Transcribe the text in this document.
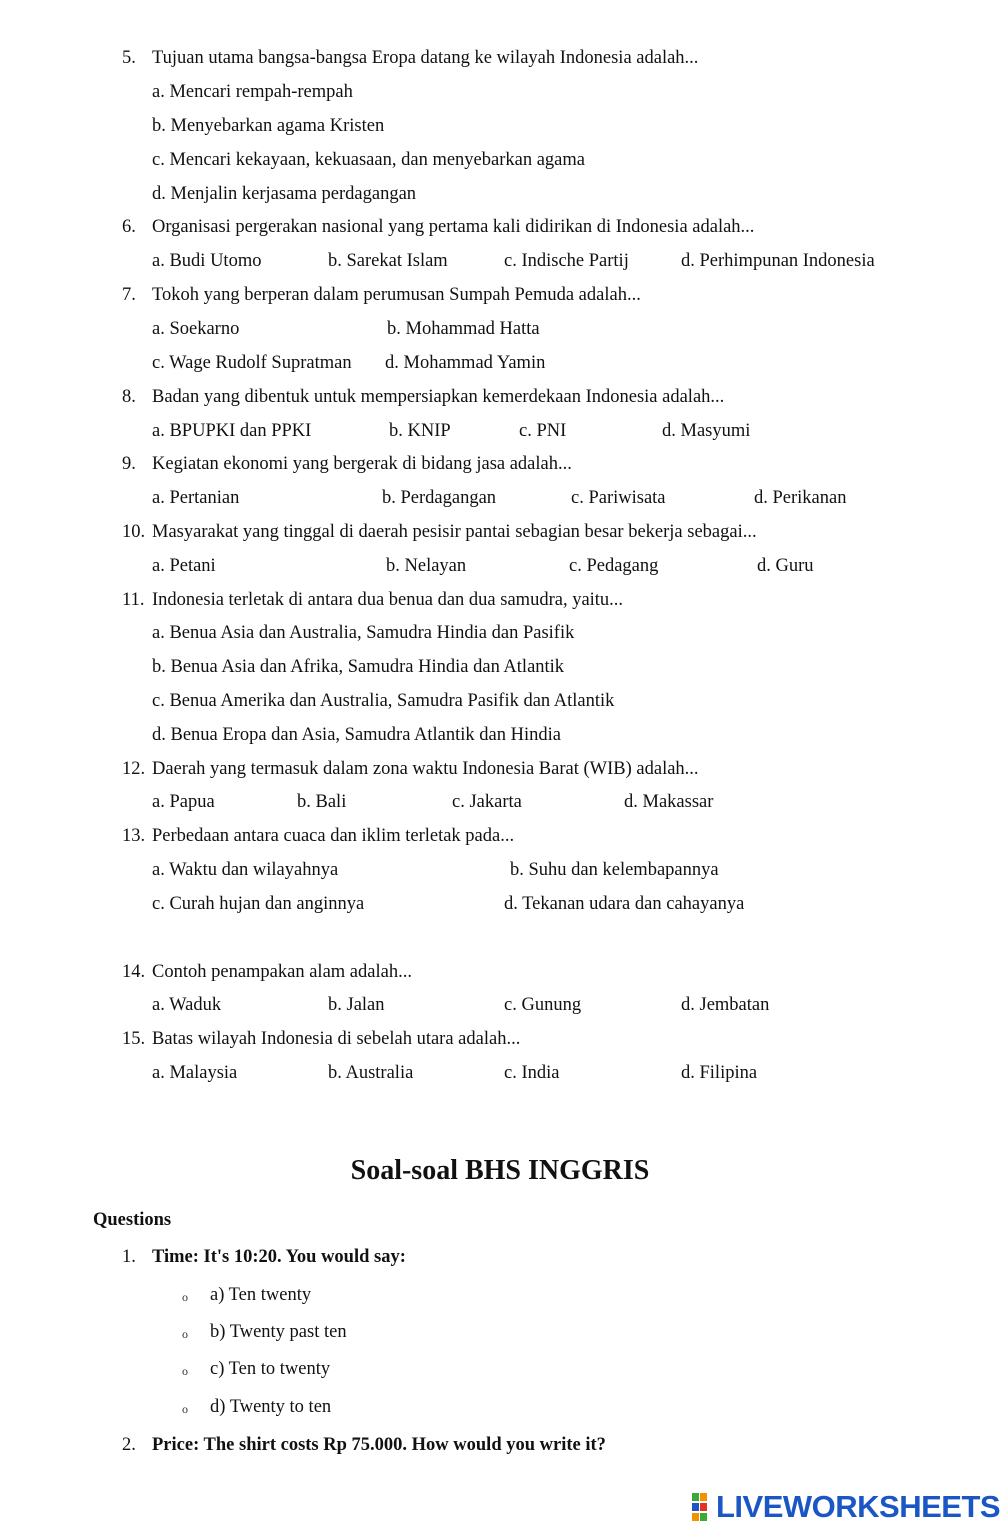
5. Tujuan utama bangsa-bangsa Eropa datang ke wilayah Indonesia adalah...
a. Mencari rempah-rempah
b. Menyebarkan agama Kristen
c. Mencari kekayaan, kekuasaan, dan menyebarkan agama
d. Menjalin kerjasama perdagangan
6. Organisasi pergerakan nasional yang pertama kali didirikan di Indonesia adalah...
a. Budi Utomo	b. Sarekat Islam	c. Indische Partij	d. Perhimpunan Indonesia
7. Tokoh yang berperan dalam perumusan Sumpah Pemuda adalah...
a. Soekarno	b. Mohammad Hatta
c. Wage Rudolf Supratman d. Mohammad Yamin
8. Badan yang dibentuk untuk mempersiapkan kemerdekaan Indonesia adalah...
a. BPUPKI dan PPKI	b. KNIP	c. PNI	d. Masyumi
9. Kegiatan ekonomi yang bergerak di bidang jasa adalah...
a. Pertanian	b. Perdagangan	c. Pariwisata	d. Perikanan
10. Masyarakat yang tinggal di daerah pesisir pantai sebagian besar bekerja sebagai...
a. Petani	b. Nelayan	c. Pedagang	d. Guru
11. Indonesia terletak di antara dua benua dan dua samudra, yaitu...
a. Benua Asia dan Australia, Samudra Hindia dan Pasifik
b. Benua Asia dan Afrika, Samudra Hindia dan Atlantik
c. Benua Amerika dan Australia, Samudra Pasifik dan Atlantik
d. Benua Eropa dan Asia, Samudra Atlantik dan Hindia
12. Daerah yang termasuk dalam zona waktu Indonesia Barat (WIB) adalah...
a. Papua	b. Bali	c. Jakarta	d. Makassar
13. Perbedaan antara cuaca dan iklim terletak pada...
a. Waktu dan wilayahnya	b. Suhu dan kelembapannya
c. Curah hujan dan anginnya	d. Tekanan udara dan cahayanya
14. Contoh penampakan alam adalah...
a. Waduk	b. Jalan	c. Gunung	d. Jembatan
15. Batas wilayah Indonesia di sebelah utara adalah...
a. Malaysia	b. Australia	c. India	d. Filipina
Soal-soal BHS INGGRIS
Questions
1. Time: It's 10:20. You would say:
o a) Ten twenty
o b) Twenty past ten
o c) Ten to twenty
o d) Twenty to ten
2. Price: The shirt costs Rp 75.000. How would you write it?
LIVEWORKSHEETS
